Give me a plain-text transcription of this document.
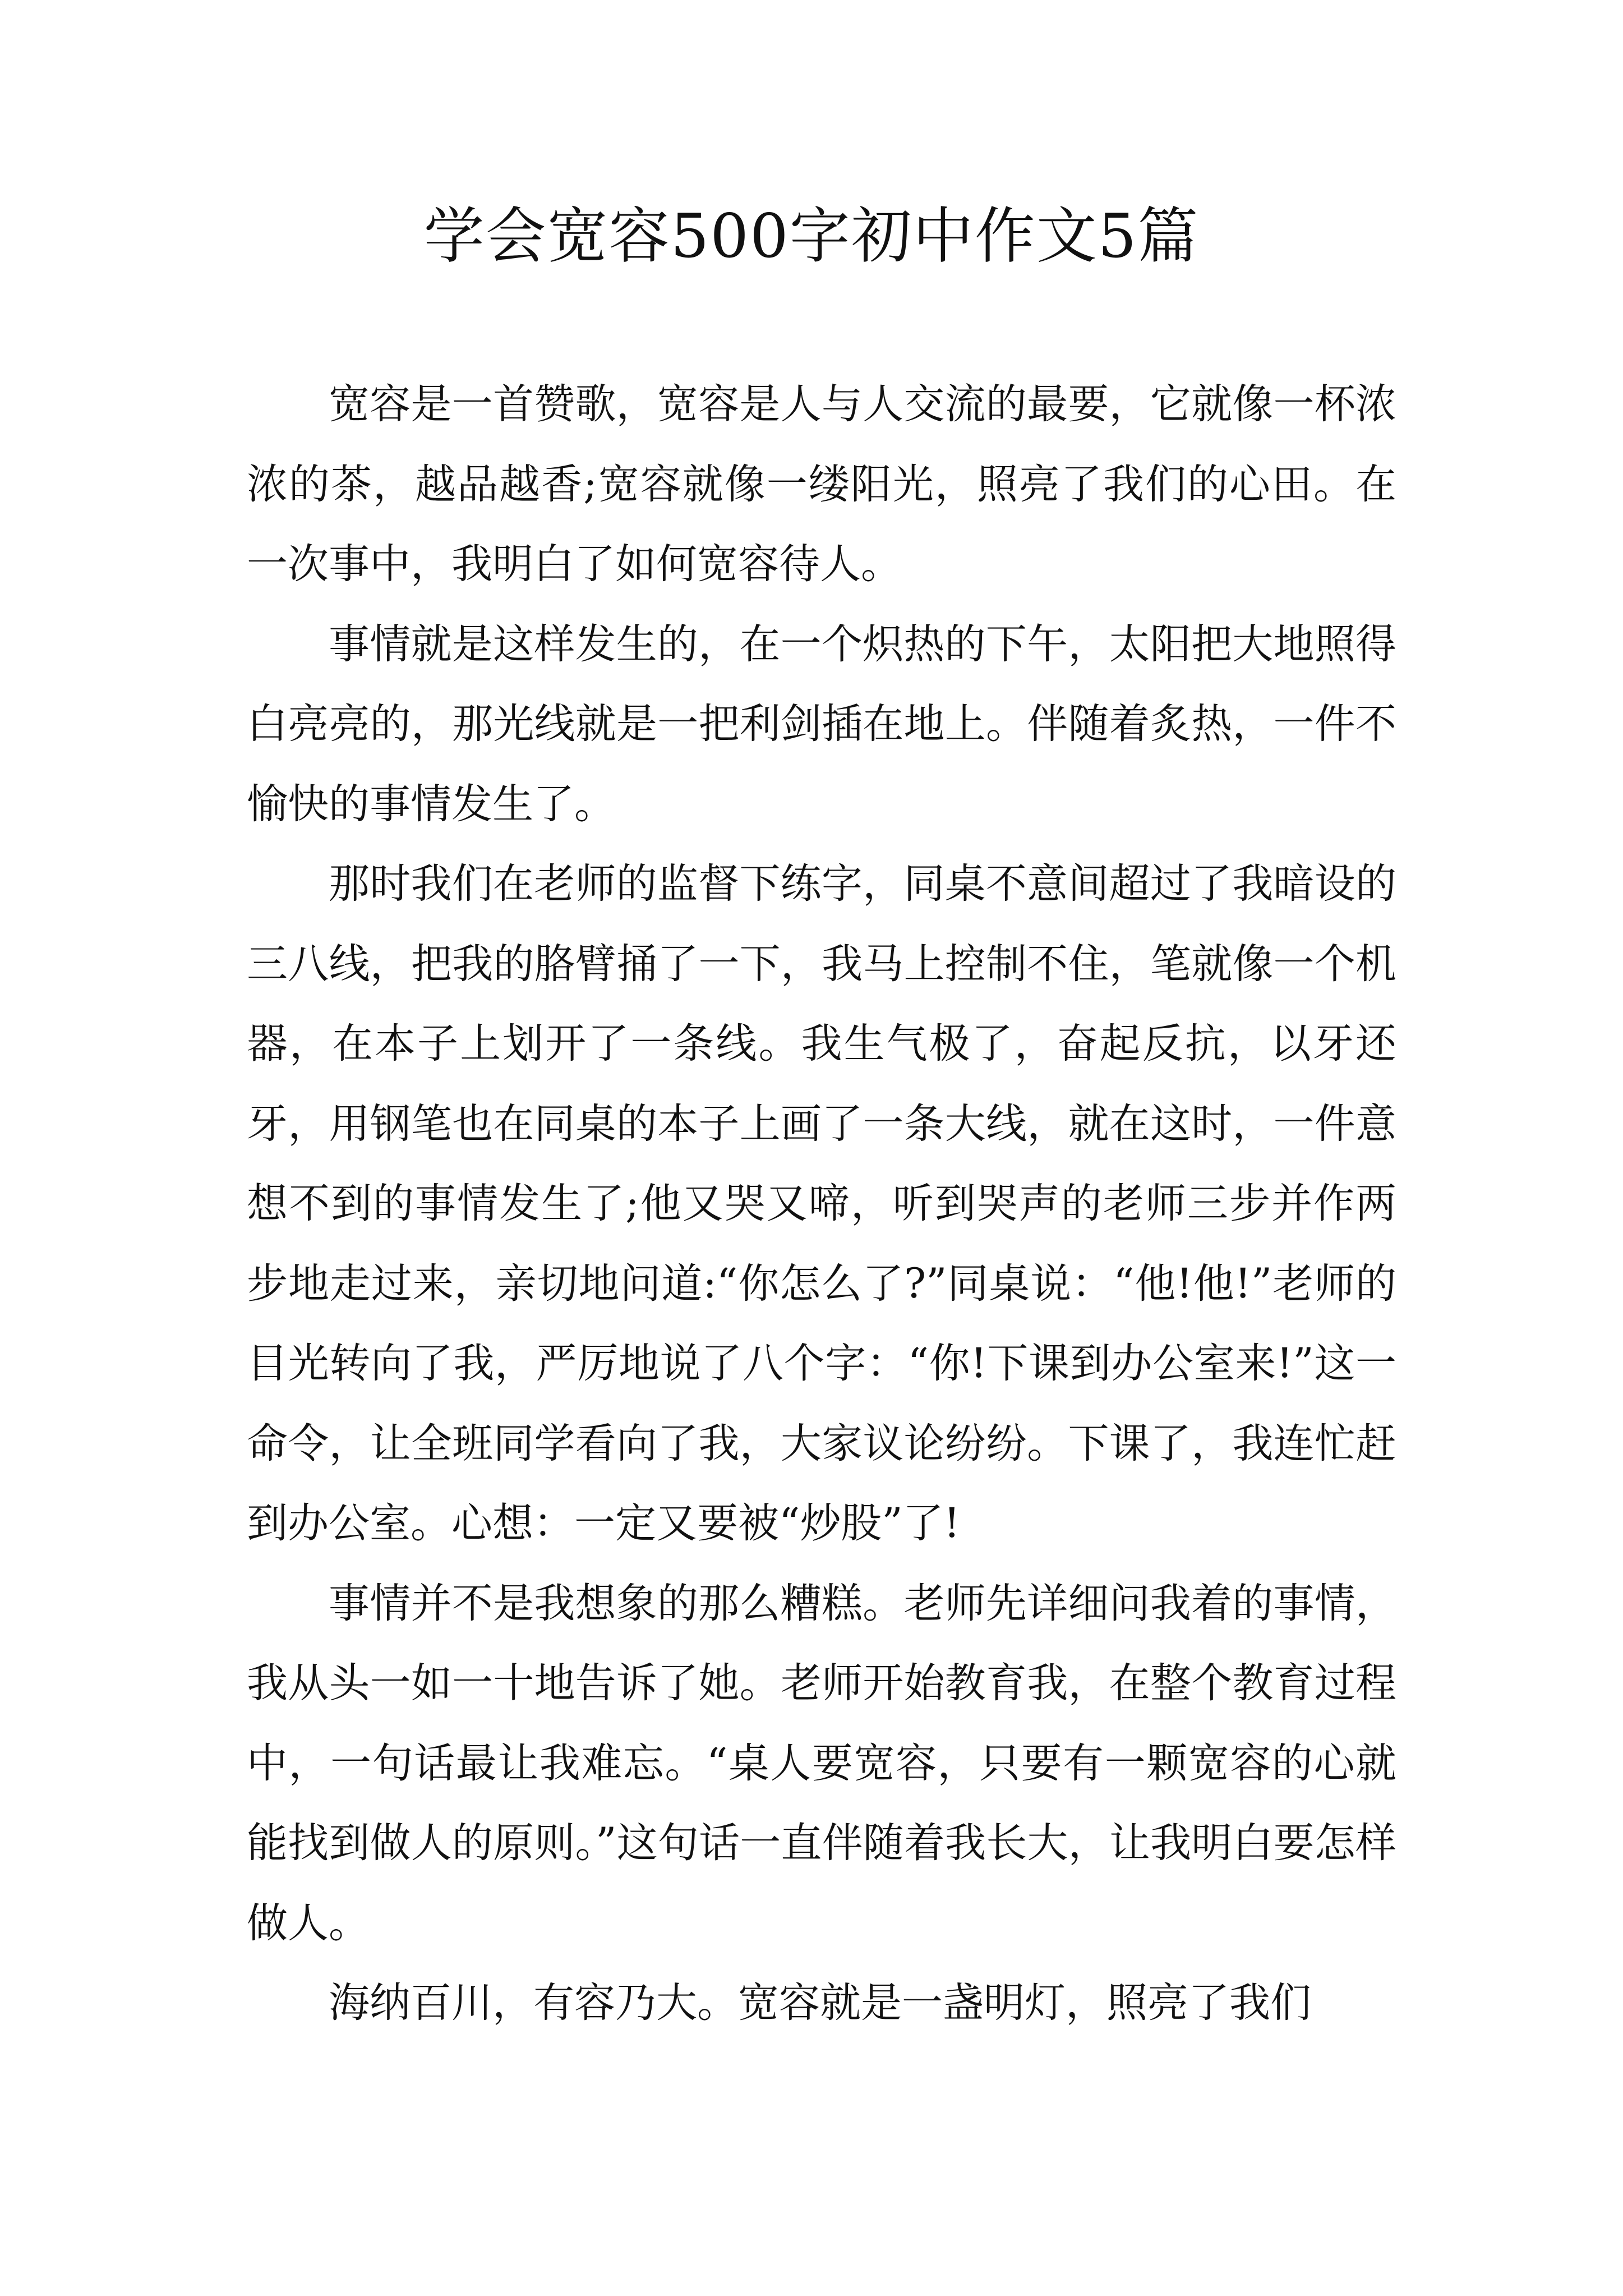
学会宽容500字初中作文5篇

宽容是一首赞歌，宽容是人与人交流的最要，它就像一杯浓浓的茶，越品越香;宽容就像一缕阳光，照亮了我们的心田。在一次事中，我明白了如何宽容待人。

事情就是这样发生的，在一个炽热的下午，太阳把大地照得白亮亮的，那光线就是一把利剑插在地上。伴随着炙热，一件不愉快的事情发生了。

那时我们在老师的监督下练字，同桌不意间超过了我暗设的三八线，把我的胳臂捅了一下，我马上控制不住，笔就像一个机器，在本子上划开了一条线。我生气极了，奋起反抗，以牙还牙，用钢笔也在同桌的本子上画了一条大线，就在这时，一件意想不到的事情发生了;他又哭又啼，听到哭声的老师三步并作两步地走过来，亲切地问道:“你怎么了?”同桌说：“他!他!”老师的目光转向了我，严厉地说了八个字：“你!下课到办公室来!”这一命令，让全班同学看向了我，大家议论纷纷。下课了，我连忙赶到办公室。心想：一定又要被“炒股”了!

事情并不是我想象的那么糟糕。老师先详细问我着的事情，我从头一如一十地告诉了她。老师开始教育我，在整个教育过程中，一句话最让我难忘。“桌人要宽容，只要有一颗宽容的心就能找到做人的原则。”这句话一直伴随着我长大，让我明白要怎样做人。

海纳百川，有容乃大。宽容就是一盏明灯，照亮了我们
